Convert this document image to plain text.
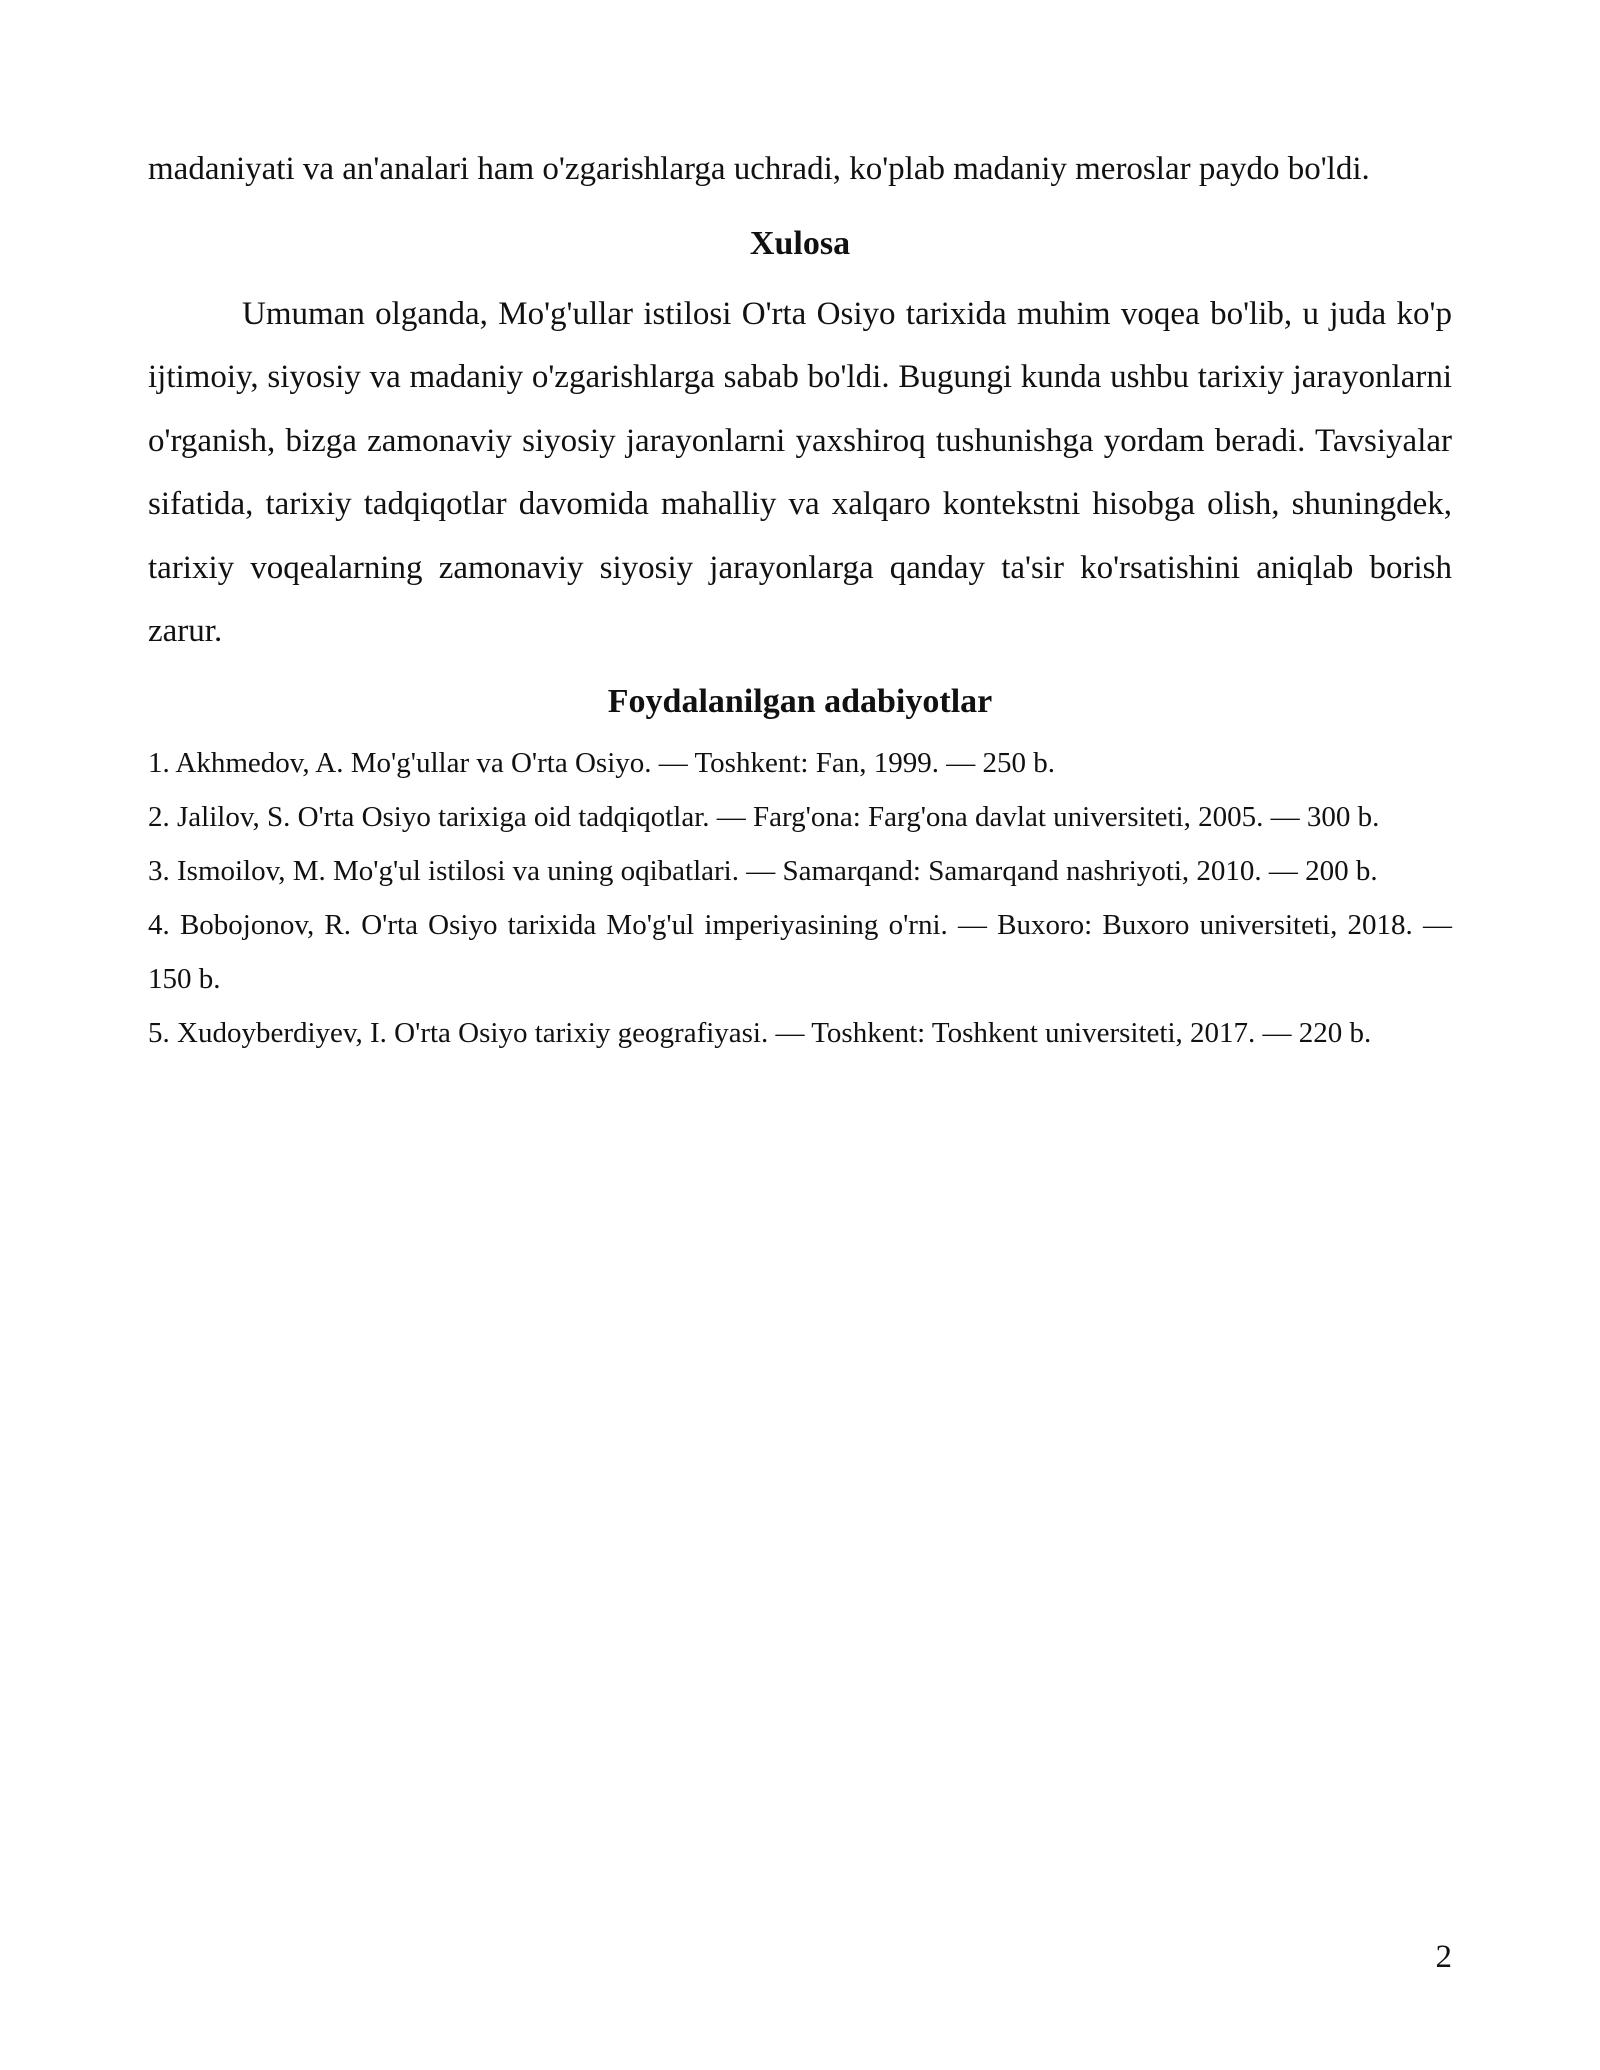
madaniyati va an'analari ham o'zgarishlarga uchradi, ko'plab madaniy meroslar paydo bo'ldi.

Xulosa

Umuman olganda, Mo'g'ullar istilosi O'rta Osiyo tarixida muhim voqea bo'lib, u juda ko'p ijtimoiy, siyosiy va madaniy o'zgarishlarga sabab bo'ldi. Bugungi kunda ushbu tarixiy jarayonlarni o'rganish, bizga zamonaviy siyosiy jarayonlarni yaxshiroq tushunishga yordam beradi. Tavsiyalar sifatida, tarixiy tadqiqotlar davomida mahalliy va xalqaro kontekstni hisobga olish, shuningdek, tarixiy voqealarning zamonaviy siyosiy jarayonlarga qanday ta'sir ko'rsatishini aniqlab borish zarur.

Foydalanilgan adabiyotlar
1. Akhmedov, A. Mo'g'ullar va O'rta Osiyo. — Toshkent: Fan, 1999. — 250 b.
2. Jalilov, S. O'rta Osiyo tarixiga oid tadqiqotlar. — Farg'ona: Farg'ona davlat universiteti, 2005. — 300 b.
3. Ismoilov, M. Mo'g'ul istilosi va uning oqibatlari. — Samarqand: Samarqand nashriyoti, 2010. — 200 b.
4. Bobojonov, R. O'rta Osiyo tarixida Mo'g'ul imperiyasining o'rni. — Buxoro: Buxoro universiteti, 2018. — 150 b.
5. Xudoyberdiyev, I. O'rta Osiyo tarixiy geografiyasi. — Toshkent: Toshkent universiteti, 2017. — 220 b.
2
